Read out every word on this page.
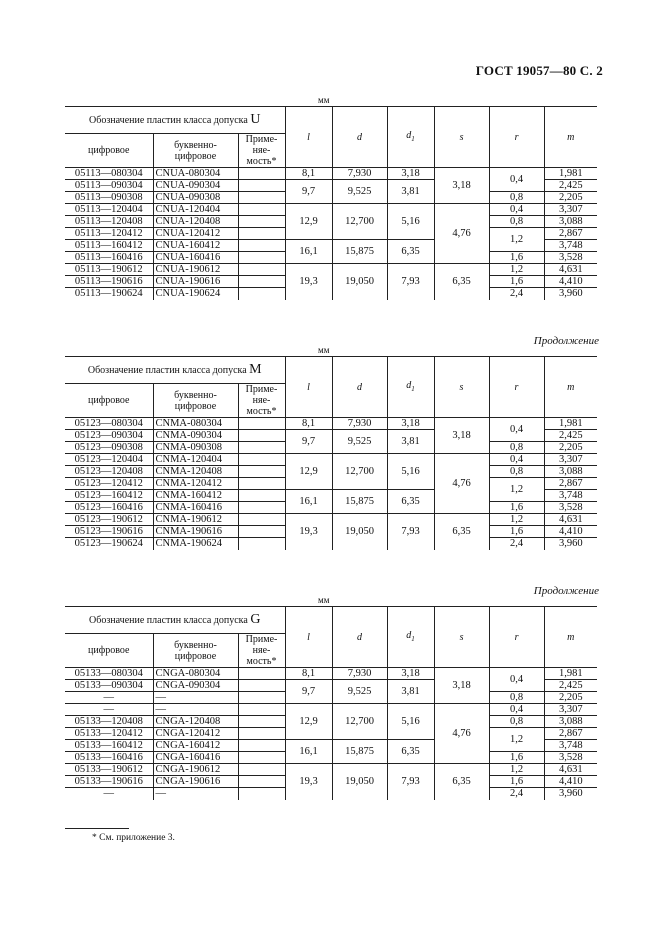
ГОСТ 19057—80 С. 2
мм
Обозначение пластин класса допуска U			l	d	$d_1$	s	r	m
цифровое	буквенно-цифровое	Приме-няе-мость*						
05113—080304	CNUA-080304		8,1	7,930	3,18	3,18	0,4	1,981
05113—090304	CNUA-090304		9,7	9,525	3,81			2,425
05113—090308	CNUA-090308						0,8	2,205
05113—120404	CNUA-120404		12,9	12,700	5,16	4,76	0,4	3,307
05113—120408	CNUA-120408						0,8	3,088
05113—120412	CNUA-120412						1,2	2,867
05113—160412	CNUA-160412		16,1	15,875	6,35			3,748
05113—160416	CNUA-160416						1,6	3,528
05113—190612	CNUA-190612		19,3	19,050	7,93	6,35	1,2	4,631
05113—190616	CNUA-190616						1,6	4,410
05113—190624	CNUA-190624						2,4	3,960
Продолжение
мм
Обозначение пластин класса допуска M			l	d	$d_1$	s	r	m
цифровое	буквенно-цифровое	Приме-няе-мость*						
05123—080304	CNMA-080304		8,1	7,930	3,18	3,18	0,4	1,981
05123—090304	CNMA-090304		9,7	9,525	3,81			2,425
05123—090308	CNMA-090308						0,8	2,205
05123—120404	CNMA-120404		12,9	12,700	5,16	4,76	0,4	3,307
05123—120408	CNMA-120408						0,8	3,088
05123—120412	CNMA-120412						1,2	2,867
05123—160412	CNMA-160412		16,1	15,875	6,35			3,748
05123—160416	CNMA-160416						1,6	3,528
05123—190612	CNMA-190612		19,3	19,050	7,93	6,35	1,2	4,631
05123—190616	CNMA-190616						1,6	4,410
05123—190624	CNMA-190624						2,4	3,960
Продолжение
мм
Обозначение пластин класса допуска G			l	d	$d_1$	s	r	m
цифровое	буквенно-цифровое	Приме-няе-мость*						
05133—080304	CNGA-080304		8,1	7,930	3,18	3,18	0,4	1,981
05133—090304	CNGA-090304		9,7	9,525	3,81			2,425
—	—						0,8	2,205
—	—		12,9	12,700	5,16	4,76	0,4	3,307
05133—120408	CNGA-120408						0,8	3,088
05133—120412	CNGA-120412						1,2	2,867
05133—160412	CNGA-160412		16,1	15,875	6,35			3,748
05133—160416	CNGA-160416						1,6	3,528
05133—190612	CNGA-190612		19,3	19,050	7,93	6,35	1,2	4,631
05133—190616	CNGA-190616						1,6	4,410
—	—						2,4	3,960
* См. приложение 3.
